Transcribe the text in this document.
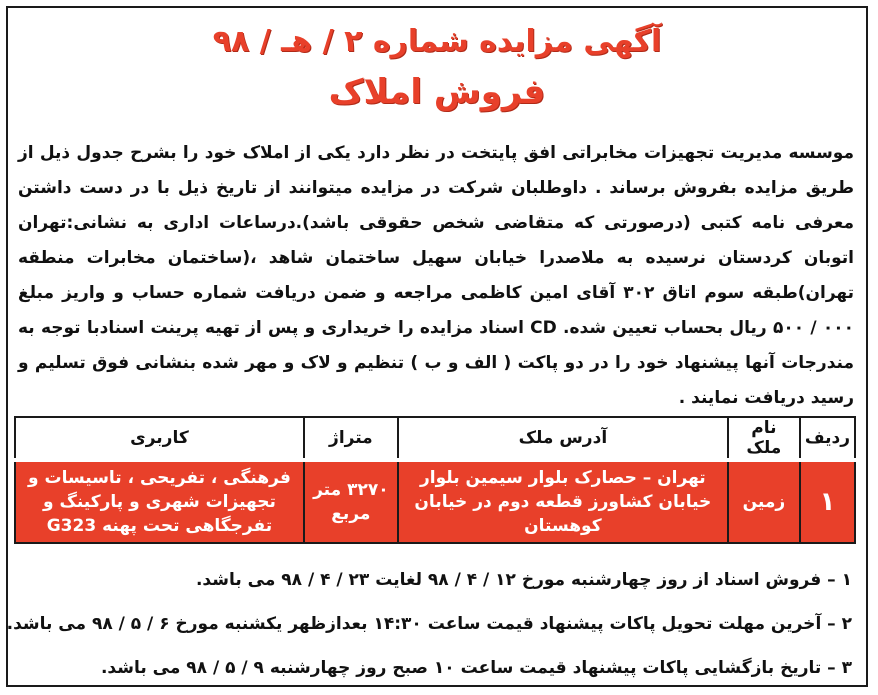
آگهی مزایده شماره ۲ / هـ / ۹۸
فروش املاک
موسسه مدیریت تجهیزات مخابراتی افق پایتخت در نظر دارد یکی از املاک خود را بشرح جدول ذیل از طریق مزایده بفروش برساند . داوطلبان شرکت در مزایده میتوانند از تاریخ ذیل با در دست داشتن معرفی نامه کتبی (درصورتی که متقاضی شخص حقوقی باشد).درساعات اداری به نشانی:تهران اتوبان کردستان نرسیده به ملاصدرا خیابان سهیل ساختمان شاهد ،(ساختمان مخابرات منطقه تهران)طبقه سوم اتاق ۳۰۲ آقای امین کاظمی مراجعه و ضمن دریافت شماره حساب و واریز مبلغ ۰۰۰ / ۵۰۰ ریال بحساب تعیین شده. CD اسناد مزایده را خریداری و پس از تهیه پرینت اسنادبا توجه به مندرجات آنها پیشنهاد خود را در دو پاکت ( الف و ب ) تنظیم و لاک و مهر شده بنشانی فوق تسلیم و رسید دریافت نمایند .
ردیف	نام ملک	آدرس ملک	متراژ	کاربری
۱	زمین	تهران – حصارک بلوار سیمین بلوار خیابان کشاورز قطعه دوم در خیابان کوهستان	۳۲۷۰ متر مربع	فرهنگی ، تفریحی ، تاسیسات و تجهیزات شهری و پارکینگ و تفرجگاهی تحت پهنه G323
۱ – فروش اسناد از روز چهارشنبه مورخ ۱۲ / ۴ / ۹۸ لغایت ۲۳ / ۴ / ۹۸ می باشد.
۲ – آخرین مهلت تحویل پاکات پیشنهاد قیمت ساعت ۱۴:۳۰ بعدازظهر یکشنبه مورخ ۶ / ۵ / ۹۸ می باشد.
۳ – تاریخ بازگشایی پاکات پیشنهاد قیمت ساعت ۱۰ صبح روز چهارشنبه ۹ / ۵ / ۹۸ می باشد.
